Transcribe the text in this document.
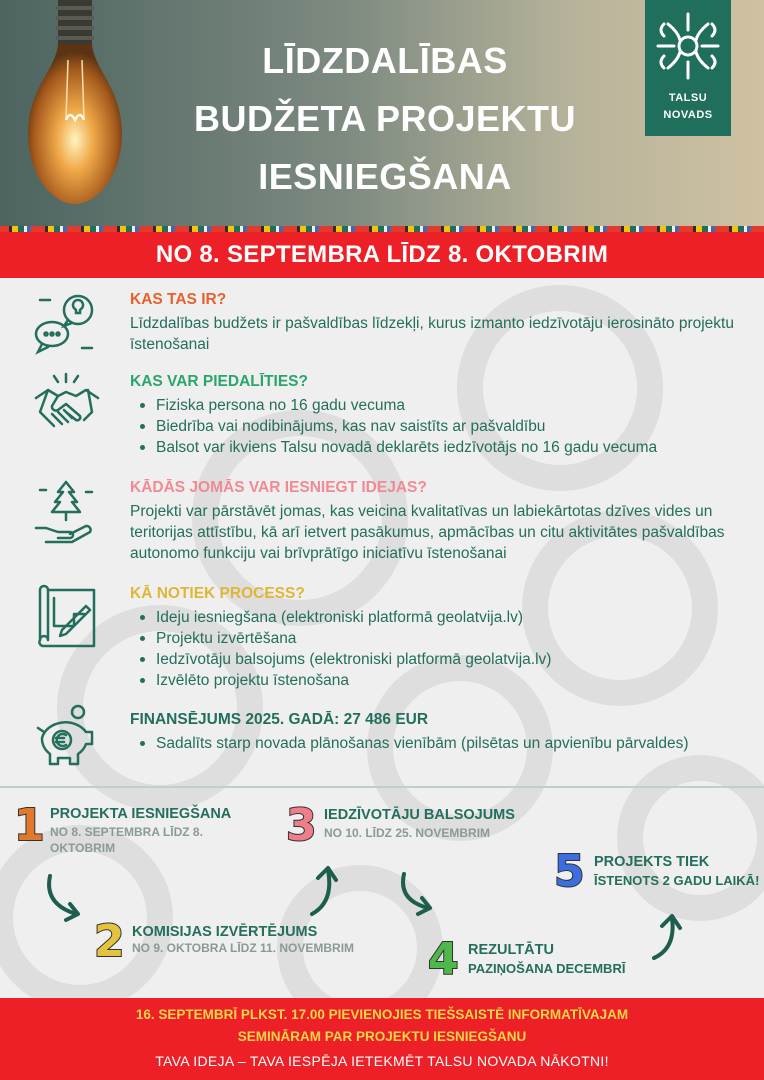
LĪDZDALĪBAS
BUDŽETA PROJEKTU
IESNIEGŠANA
TALSU
NOVADS
NO 8. SEPTEMBRA LĪDZ 8. OKTOBRIM
KAS TAS IR?

Līdzdalības budžets ir pašvaldības līdzekļi, kurus izmanto iedzīvotāju ierosināto projektu īstenošanai

KAS VAR PIEDALĪTIES?
Fiziska persona no 16 gadu vecuma
Biedrība vai nodibinājums, kas nav saistīts ar pašvaldību
Balsot var ikviens Talsu novadā deklarēts iedzīvotājs no 16 gadu vecuma
KĀDĀS JOMĀS VAR IESNIEGT IDEJAS?

Projekti var pārstāvēt jomas, kas veicina kvalitatīvas un labiekārtotas dzīves vides un teritorijas attīstību, kā arī ietvert pasākumus, apmācības un citu aktivitātes pašvaldības autonomo funkciju vai brīvprātīgo iniciatīvu īstenošanai

KĀ NOTIEK PROCESS?
Ideju iesniegšana (elektroniski platformā geolatvija.lv)
Projektu izvērtēšana
Iedzīvotāju balsojums (elektroniski platformā geolatvija.lv)
Izvēlēto projektu īstenošana
FINANSĒJUMS 2025. GADĀ: 27 486 EUR
Sadalīts starp novada plānošanas vienībām (pilsētas un apvienību pārvaldes)
1 PROJEKTA IESNIEGŠANA
NO 8. SEPTEMBRA LĪDZ 8.
OKTOBRIM
2 KOMISIJAS IZVĒRTĒJUMS
NO 9. OKTOBRA LĪDZ 11. NOVEMBRIM
3 IEDZĪVOTĀJU BALSOJUMS
NO 10. LĪDZ 25. NOVEMBRIM
4 REZULTĀTU
PAZIŅOŠANA DECEMBRĪ
5 PROJEKTS TIEK
ĪSTENOTS 2 GADU LAIKĀ!
16. SEPTEMBRĪ PLKST. 17.00 PIEVIENOJIES TIEŠSAISTĒ INFORMATĪVAJAM
SEMINĀRAM PAR PROJEKTU IESNIEGŠANU
TAVA IDEJA – TAVA IESPĒJA IETEKMĒT TALSU NOVADA NĀKOTNI!
